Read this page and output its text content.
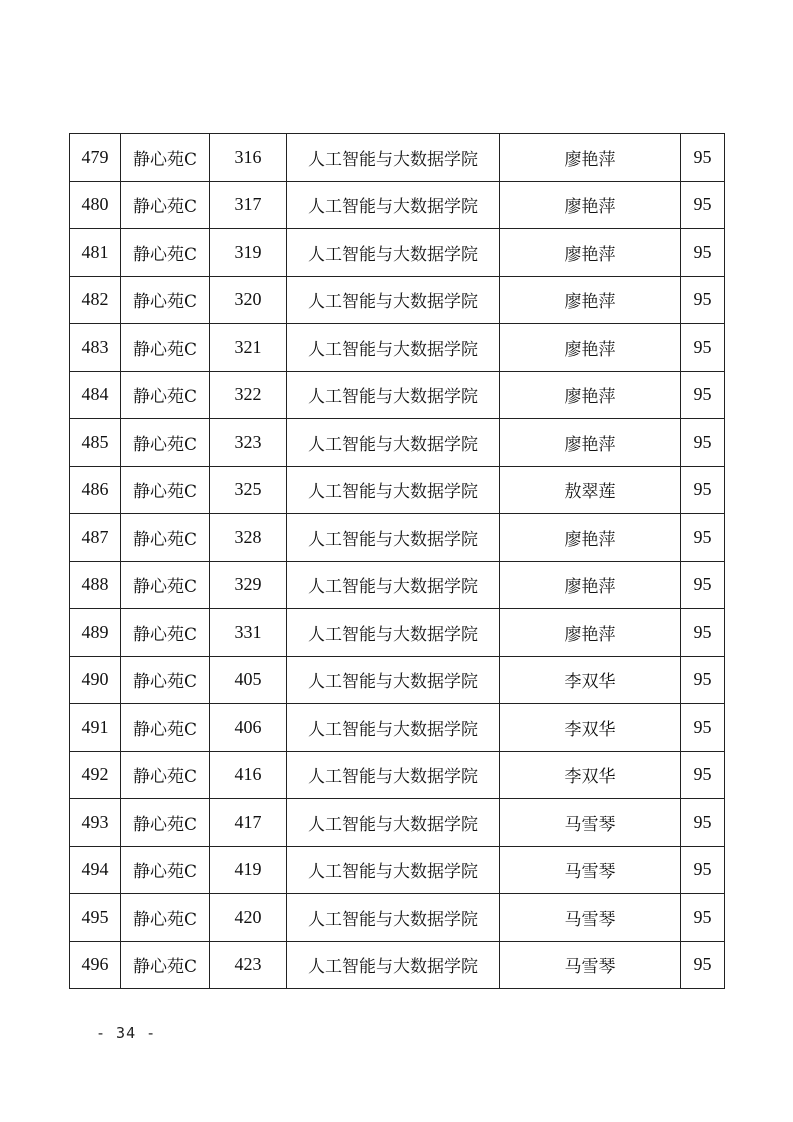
479	静心苑C	316	人工智能与大数据学院	廖艳萍	95
480	静心苑C	317	人工智能与大数据学院	廖艳萍	95
481	静心苑C	319	人工智能与大数据学院	廖艳萍	95
482	静心苑C	320	人工智能与大数据学院	廖艳萍	95
483	静心苑C	321	人工智能与大数据学院	廖艳萍	95
484	静心苑C	322	人工智能与大数据学院	廖艳萍	95
485	静心苑C	323	人工智能与大数据学院	廖艳萍	95
486	静心苑C	325	人工智能与大数据学院	敖翠莲	95
487	静心苑C	328	人工智能与大数据学院	廖艳萍	95
488	静心苑C	329	人工智能与大数据学院	廖艳萍	95
489	静心苑C	331	人工智能与大数据学院	廖艳萍	95
490	静心苑C	405	人工智能与大数据学院	李双华	95
491	静心苑C	406	人工智能与大数据学院	李双华	95
492	静心苑C	416	人工智能与大数据学院	李双华	95
493	静心苑C	417	人工智能与大数据学院	马雪琴	95
494	静心苑C	419	人工智能与大数据学院	马雪琴	95
495	静心苑C	420	人工智能与大数据学院	马雪琴	95
496	静心苑C	423	人工智能与大数据学院	马雪琴	95
- 34 -
